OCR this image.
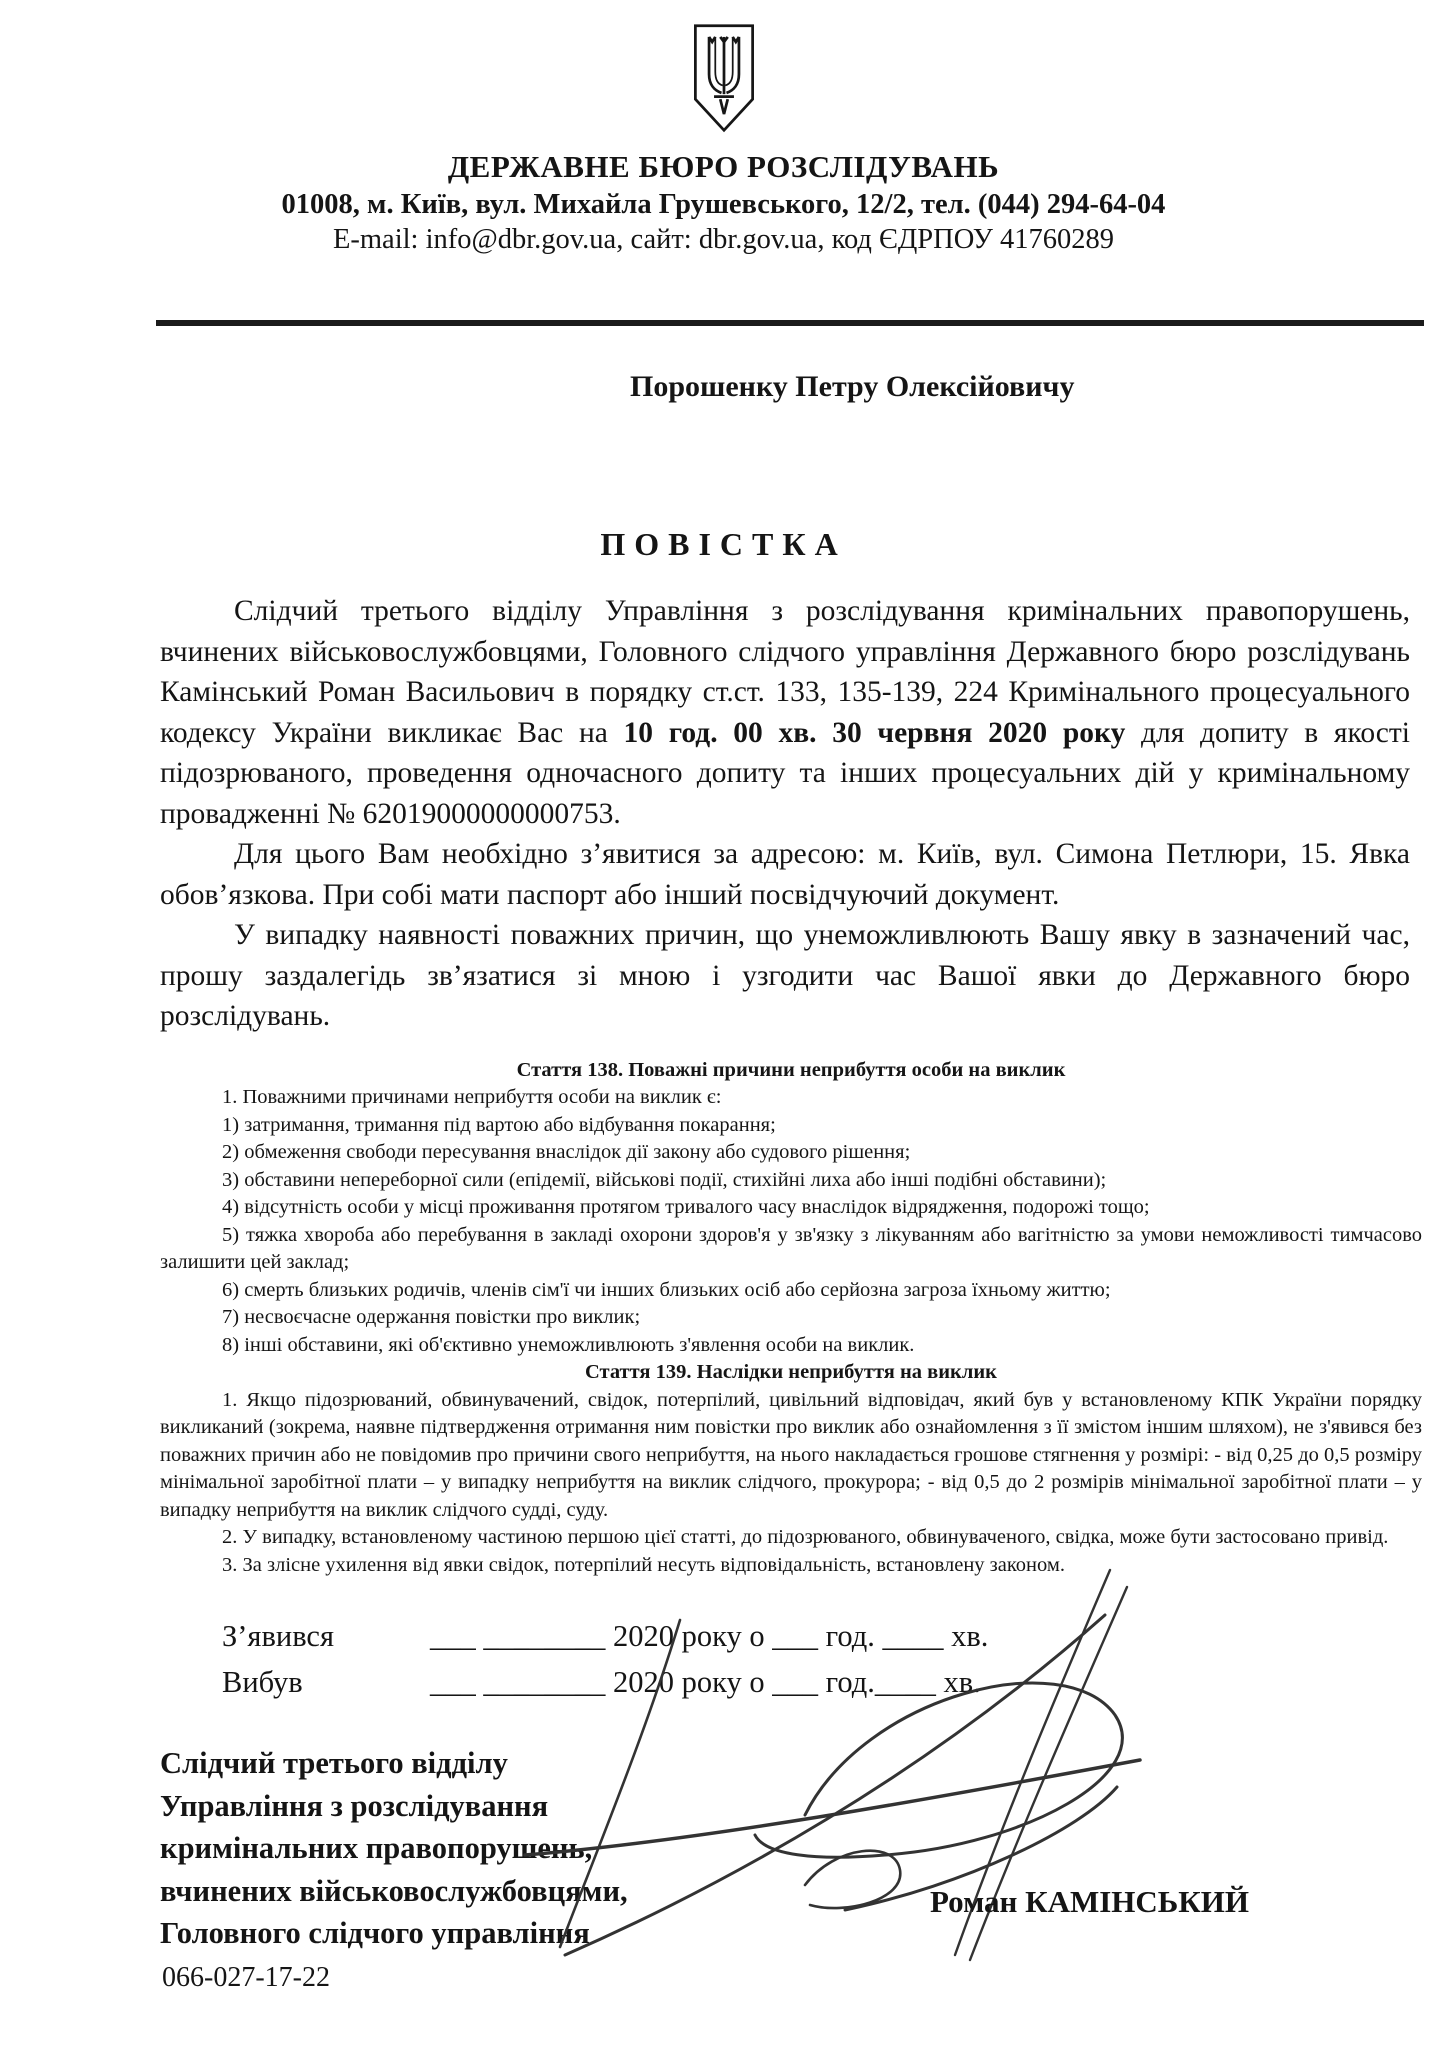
ДЕРЖАВНЕ БЮРО РОЗСЛІДУВАНЬ
01008, м. Київ, вул. Михайла Грушевського, 12/2, тел. (044) 294-64-04
E-mail: info@dbr.gov.ua, сайт: dbr.gov.ua, код ЄДРПОУ 41760289
Порошенку Петру Олексійовичу
ПОВІСТКА

Слідчий третього відділу Управління з розслідування кримінальних правопорушень, вчинених військовослужбовцями, Головного слідчого управління Державного бюро розслідувань Камінський Роман Васильович в порядку ст.ст. 133, 135-139, 224 Кримінального процесуального кодексу України викликає Вас на 10 год. 00 хв. 30 червня 2020 року для допиту в якості підозрюваного, проведення одночасного допиту та інших процесуальних дій у кримінальному провадженні № 62019000000000753.

Для цього Вам необхідно з’явитися за адресою: м. Київ, вул. Симона Петлюри, 15. Явка обов’язкова. При собі мати паспорт або інший посвідчуючий документ.

У випадку наявності поважних причин, що унеможливлюють Вашу явку в зазначений час, прошу заздалегідь зв’язатися зі мною і узгодити час Вашої явки до Державного бюро розслідувань.

Стаття 138. Поважні причини неприбуття особи на виклик

1. Поважними причинами неприбуття особи на виклик є:

1) затримання, тримання під вартою або відбування покарання;

2) обмеження свободи пересування внаслідок дії закону або судового рішення;

3) обставини непереборної сили (епідемії, військові події, стихійні лиха або інші подібні обставини);

4) відсутність особи у місці проживання протягом тривалого часу внаслідок відрядження, подорожі тощо;

5) тяжка хвороба або перебування в закладі охорони здоров'я у зв'язку з лікуванням або вагітністю за умови неможливості тимчасово залишити цей заклад;

6) смерть близьких родичів, членів сім'ї чи інших близьких осіб або серйозна загроза їхньому життю;

7) несвоєчасне одержання повістки про виклик;

8) інші обставини, які об'єктивно унеможливлюють з'явлення особи на виклик.

Стаття 139. Наслідки неприбуття на виклик

1. Якщо підозрюваний, обвинувачений, свідок, потерпілий, цивільний відповідач, який був у встановленому КПК України порядку викликаний (зокрема, наявне підтвердження отримання ним повістки про виклик або ознайомлення з її змістом іншим шляхом), не з'явився без поважних причин або не повідомив про причини свого неприбуття, на нього накладається грошове стягнення у розмірі: - від 0,25 до 0,5 розміру мінімальної заробітної плати – у випадку неприбуття на виклик слідчого, прокурора; - від 0,5 до 2 розмірів мінімальної заробітної плати – у випадку неприбуття на виклик слідчого судді, суду.

2. У випадку, встановленому частиною першою цієї статті, до підозрюваного, обвинуваченого, свідка, може бути застосовано привід.

3. За злісне ухилення від явки свідок, потерпілий несуть відповідальність, встановлену законом.

З’явився	___ ________ 2020 року о ___ год. ____ хв.
Вибув	___ ________ 2020 року о ___ год.____ хв.
Слідчий третього відділу
Управління з розслідування
кримінальних правопорушень,
вчинених військовослужбовцями,
Головного слідчого управління
Роман КАМІНСЬКИЙ
066-027-17-22
